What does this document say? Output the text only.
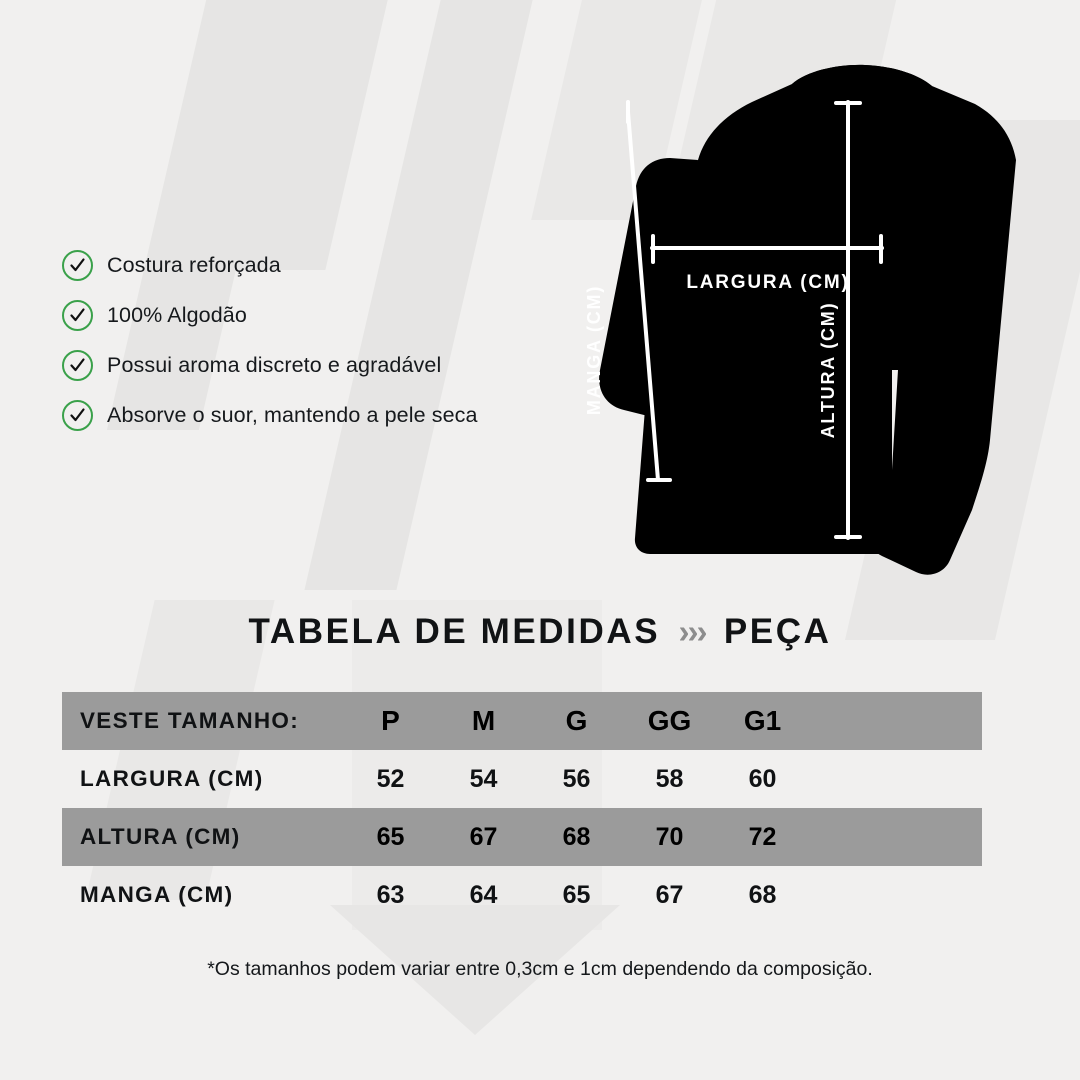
Costura reforçada
100% Algodão
Possui aroma discreto e agradável
Absorve o suor, mantendo a pele seca	MANGA (CM)
LARGURA (CM)
ALTURA (CM)
TABELA DE MEDIDAS ››› PEÇA
VESTE TAMANHO:	P	M	G	GG	G1
LARGURA (CM)	52	54	56	58	60
ALTURA (CM)	65	67	68	70	72
MANGA (CM)	63	64	65	67	68
*Os tamanhos podem variar entre 0,3cm e 1cm dependendo da composição.
